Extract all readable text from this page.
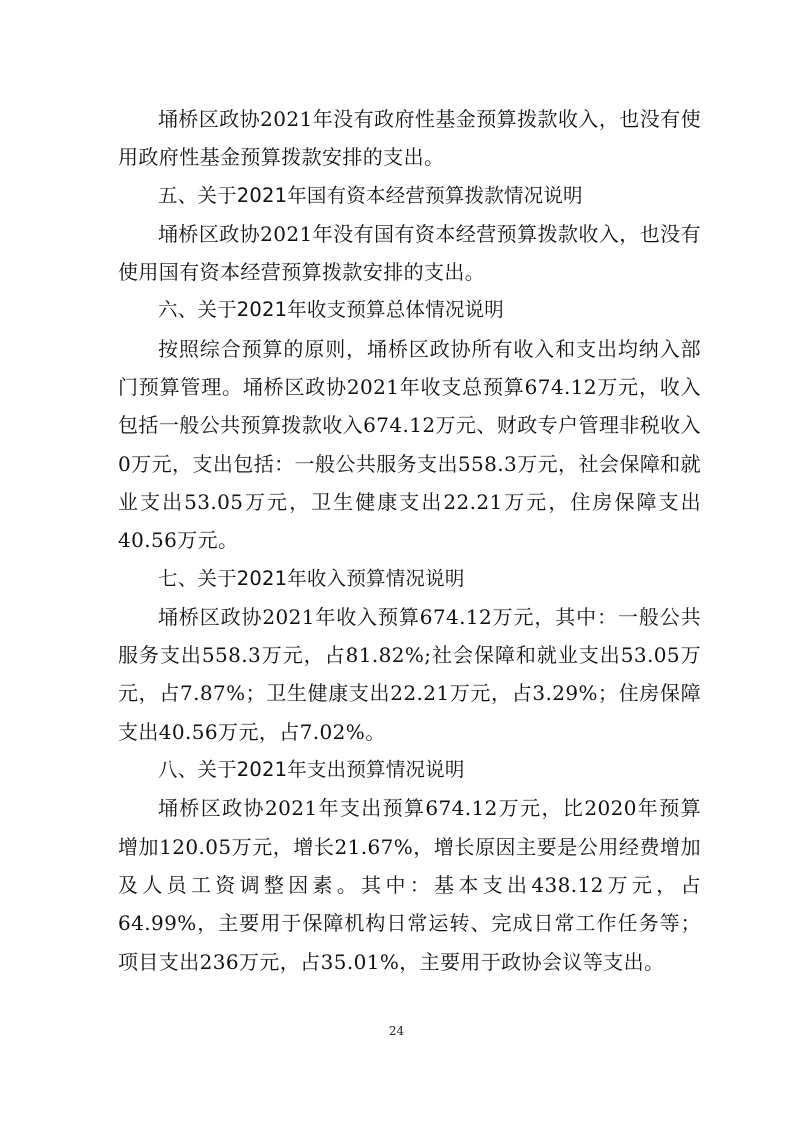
埇桥区政协2021年没有政府性基金预算拨款收入，也没有使用政府性基金预算拨款安排的支出。

五、关于2021年国有资本经营预算拨款情况说明

埇桥区政协2021年没有国有资本经营预算拨款收入，也没有使用国有资本经营预算拨款安排的支出。

六、关于2021年收支预算总体情况说明

按照综合预算的原则，埇桥区政协所有收入和支出均纳入部门预算管理。埇桥区政协2021年收支总预算674.12万元，收入包括一般公共预算拨款收入674.12万元、财政专户管理非税收入0万元，支出包括：一般公共服务支出558.3万元，社会保障和就业支出53.05万元，卫生健康支出22.21万元，住房保障支出40.56万元。

七、关于2021年收入预算情况说明

埇桥区政协2021年收入预算674.12万元，其中：一般公共服务支出558.3万元，占81.82%;社会保障和就业支出53.05万元，占7.87%；卫生健康支出22.21万元，占3.29%；住房保障支出40.56万元，占7.02%。

八、关于2021年支出预算情况说明

埇桥区政协2021年支出预算674.12万元，比2020年预算增加120.05万元，增长21.67%，增长原因主要是公用经费增加及人员工资调整因素。其中：基本支出438.12万元，占64.99%，主要用于保障机构日常运转、完成日常工作任务等；项目支出236万元，占35.01%，主要用于政协会议等支出。

24
